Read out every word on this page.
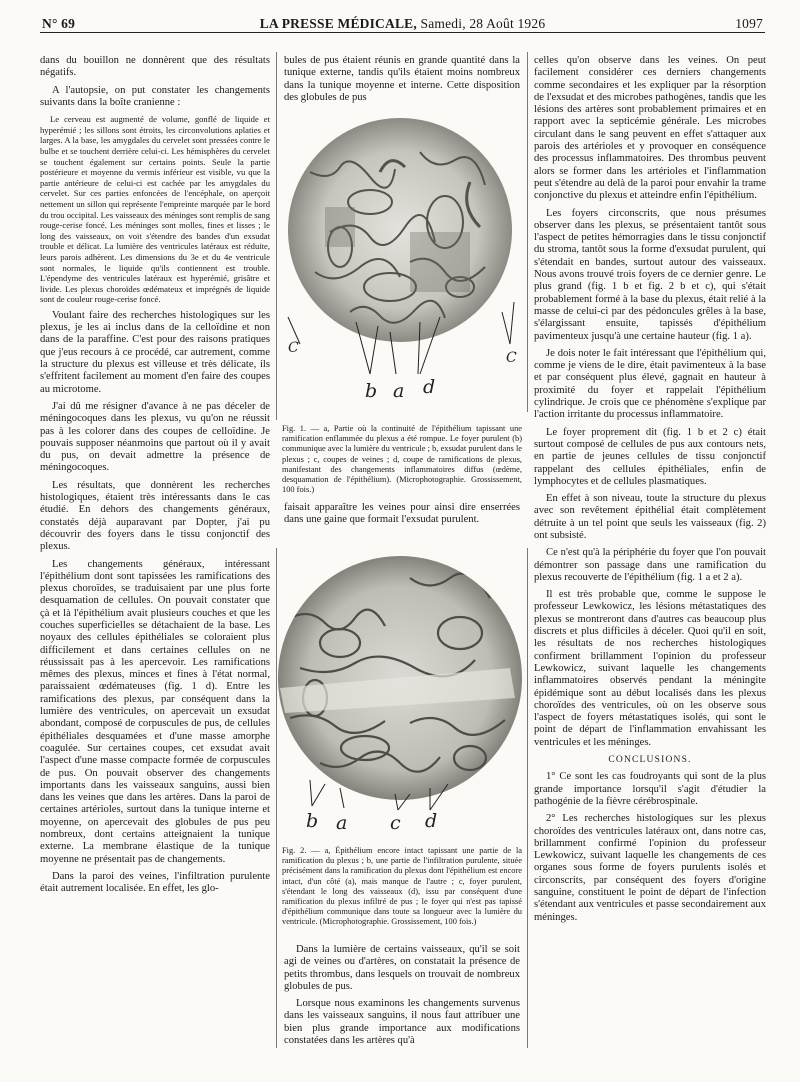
N° 69	LA PRESSE MÉDICALE, Samedi, 28 Août 1926	1097

dans du bouillon ne donnèrent que des résultats négatifs.

A l'autopsie, on put constater les changements suivants dans la boîte cranienne :

Le cerveau est augmenté de volume, gonflé de liquide et hyperémié ; les sillons sont étroits, les circonvolutions aplaties et larges. A la base, les amygdales du cervelet sont pressées contre le bulbe et se touchent derrière celui-ci. Les hémisphères du cervelet se touchent également sur certains points. Seule la partie postérieure et moyenne du vermis inférieur est visible, vu que la partie antérieure de celui-ci est cachée par les amygdales du cervelet. Sur ces parties enfoncées de l'encéphale, on aperçoit nettement un sillon qui représente l'empreinte marquée par le bord du trou occipital. Les vaisseaux des méninges sont remplis de sang rouge-cerise foncé. Les méninges sont molles, fines et lisses ; le long des vaisseaux, on voit s'étendre des bandes d'un exsudat trouble et délicat. La lumière des ventricules latéraux est réduite, leurs parois adhèrent. Les dimensions du 3e et du 4e ventricule sont normales, le liquide qu'ils contiennent est trouble. L'épendyme des ventricules latéraux est hyperémié, grisâtre et livide. Les plexus choroïdes œdémateux et imprégnés de liquide sont de couleur rouge-cerise foncé.

Voulant faire des recherches histologiques sur les plexus, je les ai inclus dans de la celloïdine et non dans de la paraffine. C'est pour des raisons pratiques que j'eus recours à ce procédé, car autrement, comme la structure du plexus est villeuse et très délicate, ils s'effritent facilement au moment d'en faire des coupes au microtome.

J'ai dû me résigner d'avance à ne pas déceler de méningocoques dans les plexus, vu qu'on ne réussit pas à les colorer dans des coupes de celloïdine. Je pouvais supposer néanmoins que partout où il y avait du pus, on devait admettre la présence de méningocoques.

Les résultats, que donnèrent les recherches histologiques, étaient très intéressants dans le cas étudié. En dehors des changements généraux, constatés déjà auparavant par Dopter, j'ai pu découvrir des foyers dans le tissu conjonctif des plexus.

Les changements généraux, intéressant l'épithélium dont sont tapissées les ramifications des plexus choroïdes, se traduisaient par une plus forte desquamation de cellules. On pouvait constater que çà et là l'épithélium avait plusieurs couches et que les couches superficielles se détachaient de la base. Les noyaux des cellules épithéliales se coloraient plus difficilement et dans certaines cellules on ne réussissait pas à les apercevoir. Les ramifications mêmes des plexus, minces et fines à l'état normal, paraissaient œdémateuses (fig. 1 d). Entre les ramifications des plexus, par conséquent dans la lumière des ventricules, on apercevait un exsudat abondant, composé de corpuscules de pus, de cellules épithéliales desquamées et d'une masse amorphe coagulée. Sur certaines coupes, cet exsudat avait l'aspect d'une masse compacte formée de corpuscules de pus. On pouvait observer des changements importants dans les vaisseaux sanguins, aussi bien dans les veines que dans les artères. Dans la paroi de certaines artérioles, surtout dans la tunique interne et moyenne, on apercevait des globules de pus peu nombreux, dont certains atteignaient la tunique externe. La membrane élastique de la tunique moyenne ne présentait pas de changements.

Dans la paroi des veines, l'infiltration purulente était autrement localisée. En effet, les glo-

bules de pus étaient réunis en grande quantité dans la tunique externe, tandis qu'ils étaient moins nombreux dans la tunique moyenne et interne. Cette disposition des globules de pus

C
b a d
C
Fig. 1. — a, Partie où la continuité de l'épithélium tapissant une ramification enflammée du plexus a été rompue. Le foyer purulent (b) communique avec la lumière du ventricule ; b, exsudat purulent dans le plexus ; c, coupes de veines ; d, coupe de ramifications de plexus, manifestant des changements inflammatoires diffus (œdème, desquamation de l'épithélium). (Microphotographie. Grossissement, 100 fois.)

faisait apparaître les veines pour ainsi dire enserrées dans une gaine que formait l'exsudat purulent.

b a c d
Fig. 2. — a, Épithélium encore intact tapissant une partie de la ramification du plexus ; b, une partie de l'infiltration purulente, située précisément dans la ramification du plexus dont l'épithélium est encore intact, d'un côté (a), mais manque de l'autre ; c, foyer purulent, s'étendant le long des vaisseaux (d), issu par conséquent d'une ramification du plexus infiltré de pus ; le foyer qui n'est pas tapissé d'épithélium communique dans toute sa longueur avec la lumière du ventricule. (Microphotographie. Grossissement, 100 fois.)

Dans la lumière de certains vaisseaux, qu'il se soit agi de veines ou d'artères, on constatait la présence de petits thrombus, dans lesquels on trouvait de nombreux globules de pus.

Lorsque nous examinons les changements survenus dans les vaisseaux sanguins, il nous faut attribuer une bien plus grande importance aux modifications constatées dans les artères qu'à

celles qu'on observe dans les veines. On peut facilement considérer ces derniers changements comme secondaires et les expliquer par la résorption de l'exsudat et des microbes pathogènes, tandis que les lésions des artères sont probablement primaires et en rapport avec la septicémie générale. Les microbes circulant dans le sang peuvent en effet s'attaquer aux parois des artérioles et y provoquer en conséquence des processus inflammatoires. Des thrombus peuvent alors se former dans les artérioles et l'inflammation peut s'étendre au delà de la paroi pour envahir la trame conjonctive du plexus et atteindre enfin l'épithélium.

Les foyers circonscrits, que nous présumes observer dans les plexus, se présentaient tantôt sous l'aspect de petites hémorragies dans le tissu conjonctif du stroma, tantôt sous la forme d'exsudat purulent, qui s'étendait en bandes, surtout autour des vaisseaux. Nous avons trouvé trois foyers de ce dernier genre. Le plus grand (fig. 1 b et fig. 2 b et c), qui s'était probablement formé à la base du plexus, était relié à la masse de celui-ci par des pédoncules grêles à la base, s'élargissant ensuite, tapissés d'épithélium pavimenteux jusqu'à une certaine hauteur (fig. 1 a).

Je dois noter le fait intéressant que l'épithélium qui, comme je viens de le dire, était pavimenteux à la base et par conséquent plus élevé, gagnait en hauteur à proximité du foyer et rappelait l'épithélium cylindrique. Je crois que ce phénomène s'explique par l'action irritante du processus inflammatoire.

Le foyer proprement dit (fig. 1 b et 2 c) était surtout composé de cellules de pus aux contours nets, en partie de jeunes cellules de tissu conjonctif rappelant des cellules épithéliales, enfin de lymphocytes et de cellules plasmatiques.

En effet à son niveau, toute la structure du plexus avec son revêtement épithélial était complètement détruite à un tel point que seuls les vaisseaux (fig. 2) ont subsisté.

Ce n'est qu'à la périphérie du foyer que l'on pouvait démontrer son passage dans une ramification du plexus recouverte de l'épithélium (fig. 1 a et 2 a).

Il est très probable que, comme le suppose le professeur Lewkowicz, les lésions métastatiques des plexus se montreront dans d'autres cas beaucoup plus discrets et plus difficiles à déceler. Quoi qu'il en soit, les résultats de nos recherches histologiques confirment brillamment l'opinion du professeur Lewkowicz, suivant laquelle les changements inflammatoires observés pendant la méningite épidémique sont au début localisés dans les plexus choroïdes des ventricules, où on les observe sous l'aspect de foyers métastatiques isolés, qui sont le point de départ de l'inflammation envahissant les ventricules et les méninges.

CONCLUSIONS.

1° Ce sont les cas foudroyants qui sont de la plus grande importance lorsqu'il s'agit d'étudier la pathogénie de la fièvre cérébrospinale.

2° Les recherches histologiques sur les plexus choroïdes des ventricules latéraux ont, dans notre cas, brillamment confirmé l'opinion du professeur Lewkowicz, suivant laquelle les changements de ces organes sous forme de foyers purulents isolés et circonscrits, par conséquent des foyers d'origine sanguine, constituent le point de départ de l'infection s'étendant aux ventricules et passe secondairement aux méninges.
